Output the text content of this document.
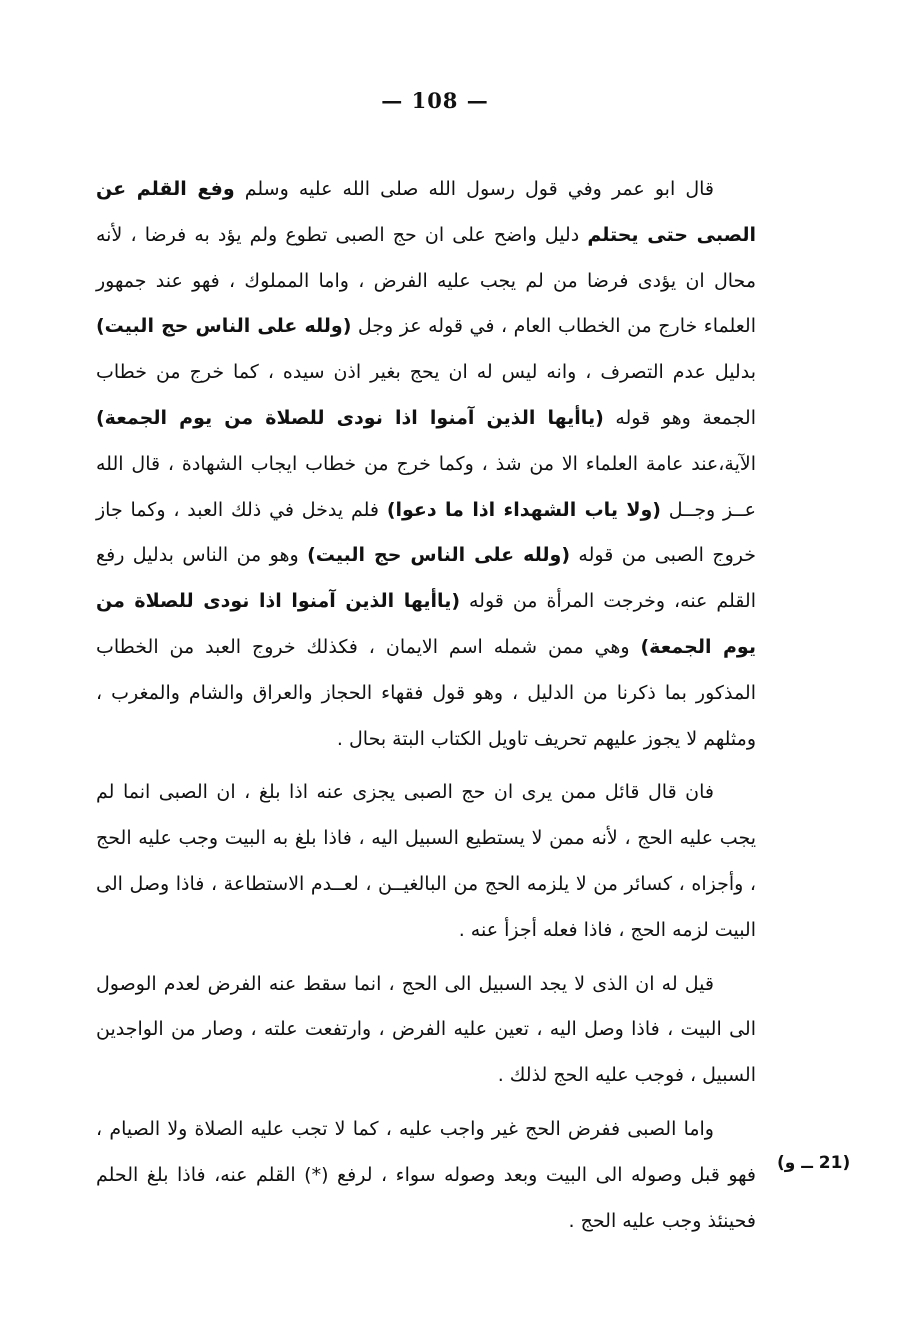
— 108 —

قال ابو عمر وفي قول رسول الله صلى الله عليه وسلم وفع القلم عن الصبى حتى يحتلم دليل واضح على ان حج الصبى تطوع ولم يؤد به فرضا ، لأنه محال ان يؤدى فرضا من لم يجب عليه الفرض ، واما المملوك ، فهو عند جمهور العلماء خارج من الخطاب العام ، في قوله عز وجل (ولله على الناس حج البيت) بدليل عدم التصرف ، وانه ليس له ان يحج بغير اذن سيده ، كما خرج من خطاب الجمعة وهو قوله (ياأيها الذين آمنوا اذا نودى للصلاة من يوم الجمعة) الآية،عند عامة العلماء الا من شذ ، وكما خرج من خطاب ايجاب الشهادة ، قال الله عــز وجــل (ولا ياب الشهداء اذا ما دعوا) فلم يدخل في ذلك العبد ، وكما جاز خروج الصبى من قوله (ولله على الناس حج البيت) وهو من الناس بدليل رفع القلم عنه، وخرجت المرأة من قوله (ياأيها الذين آمنوا اذا نودى للصلاة من يوم الجمعة) وهي ممن شمله اسم الايمان ، فكذلك خروج العبد من الخطاب المذكور بما ذكرنا من الدليل ، وهو قول فقهاء الحجاز والعراق والشام والمغرب ، ومثلهم لا يجوز عليهم تحريف تاويل الكتاب البتة بحال .

فان قال قائل ممن يرى ان حج الصبى يجزى عنه اذا بلغ ، ان الصبى انما لم يجب عليه الحج ، لأنه ممن لا يستطيع السبيل اليه ، فاذا بلغ به البيت وجب عليه الحج ، وأجزاه ، كسائر من لا يلزمه الحج من البالغيــن ، لعــدم الاستطاعة ، فاذا وصل الى البيت لزمه الحج ، فاذا فعله أجزأ عنه .

قيل له ان الذى لا يجد السبيل الى الحج ، انما سقط عنه الفرض لعدم الوصول الى البيت ، فاذا وصل اليه ، تعين عليه الفرض ، وارتفعت علته ، وصار من الواجدين السبيل ، فوجب عليه الحج لذلك .

واما الصبى ففرض الحج غير واجب عليه ، كما لا تجب عليه الصلاة ولا الصيام ، فهو قبل وصوله الى البيت وبعد وصوله سواء ، لرفع (*) القلم عنه، فاذا بلغ الحلم فحينئذ وجب عليه الحج .

(21 ــ و)
